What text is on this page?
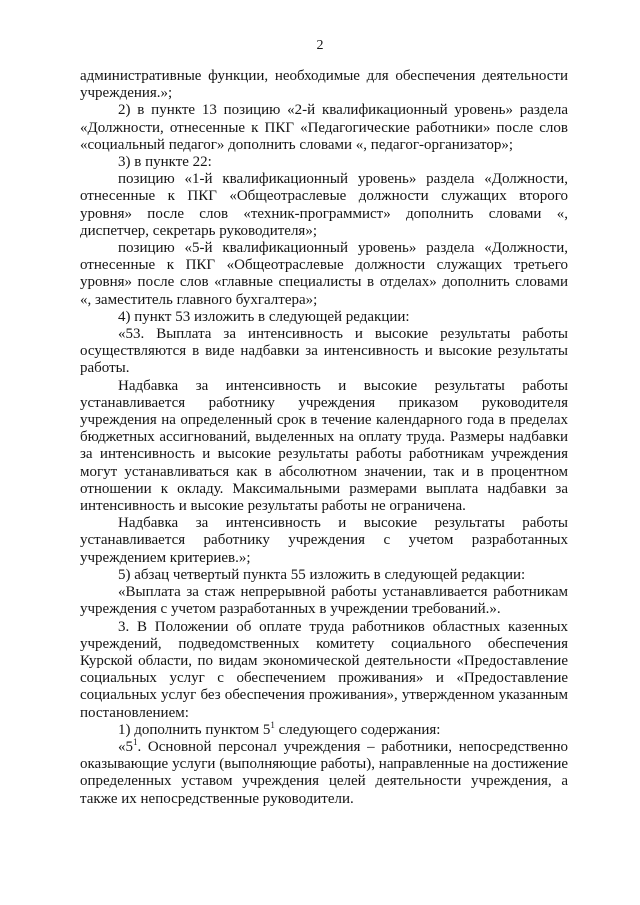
2

административные функции, необходимые для обеспечения деятельности учреждения.»;

2) в пункте 13 позицию «2-й квалификационный уровень» раздела «Должности, отнесенные к ПКГ «Педагогические работники» после слов «социальный педагог» дополнить словами «, педагог-организатор»;

3) в пункте 22:

позицию «1-й квалификационный уровень» раздела «Должности, отнесенные к ПКГ «Общеотраслевые должности служащих второго уровня» после слов «техник-программист» дополнить словами «, диспетчер, секретарь руководителя»;

позицию «5-й квалификационный уровень» раздела «Должности, отнесенные к ПКГ «Общеотраслевые должности служащих третьего уровня» после слов «главные специалисты в отделах» дополнить словами «, заместитель главного бухгалтера»;

4) пункт 53 изложить в следующей редакции:

«53. Выплата за интенсивность и высокие результаты работы осуществляются в виде надбавки за интенсивность и высокие результаты работы.

Надбавка за интенсивность и высокие результаты работы устанавливается работнику учреждения приказом руководителя учреждения на определенный срок в течение календарного года в пределах бюджетных ассигнований, выделенных на оплату труда. Размеры надбавки за интенсивность и высокие результаты работы работникам учреждения могут устанавливаться как в абсолютном значении, так и в процентном отношении к окладу. Максимальными размерами выплата надбавки за интенсивность и высокие результаты работы не ограничена.

Надбавка за интенсивность и высокие результаты работы устанавливается работнику учреждения с учетом разработанных учреждением критериев.»;

5) абзац четвертый пункта 55 изложить в следующей редакции:

«Выплата за стаж непрерывной работы устанавливается работникам учреждения с учетом разработанных в учреждении требований.».

3. В Положении об оплате труда работников областных казенных учреждений, подведомственных комитету социального обеспечения Курской области, по видам экономической деятельности «Предоставление социальных услуг с обеспечением проживания» и «Предоставление социальных услуг без обеспечения проживания», утвержденном указанным постановлением:

1) дополнить пунктом $5^1$ следующего содержания:

«$5^1$. Основной персонал учреждения – работники, непосредственно оказывающие услуги (выполняющие работы), направленные на достижение определенных уставом учреждения целей деятельности учреждения, а также их непосредственные руководители.
